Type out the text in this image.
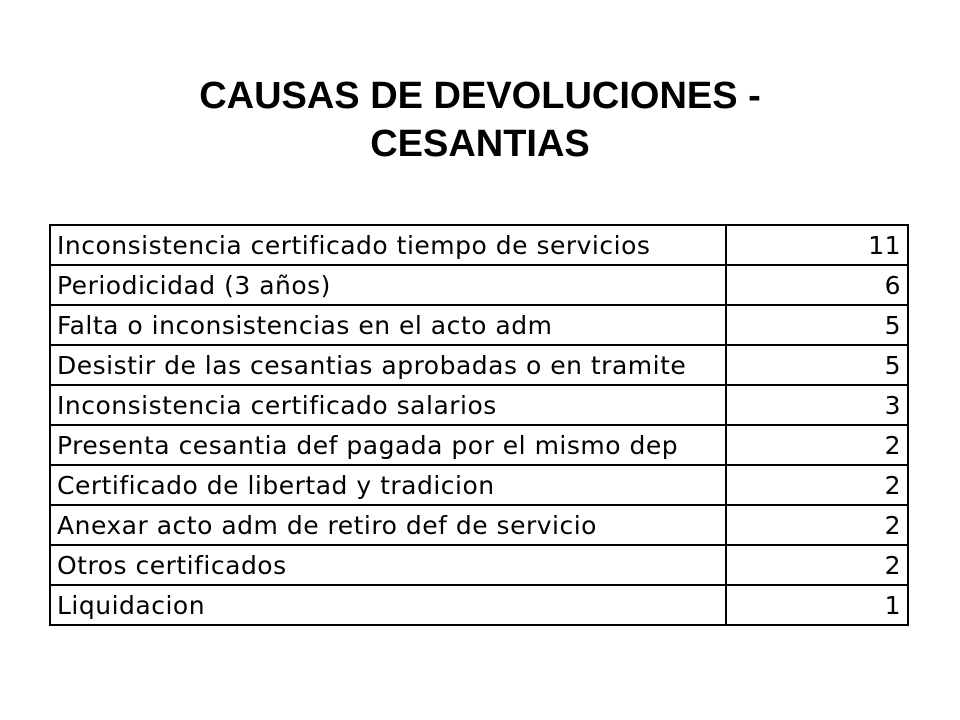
CAUSAS DE DEVOLUCIONES -
CESANTIAS
Inconsistencia certificado tiempo de servicios	11
Periodicidad (3 años)	6
Falta o inconsistencias en el acto adm	5
Desistir de las cesantias aprobadas o en tramite	5
Inconsistencia certificado salarios	3
Presenta cesantia def pagada por el mismo dep	2
Certificado de libertad y tradicion	2
Anexar acto adm de retiro def de servicio	2
Otros certificados	2
Liquidacion	1
